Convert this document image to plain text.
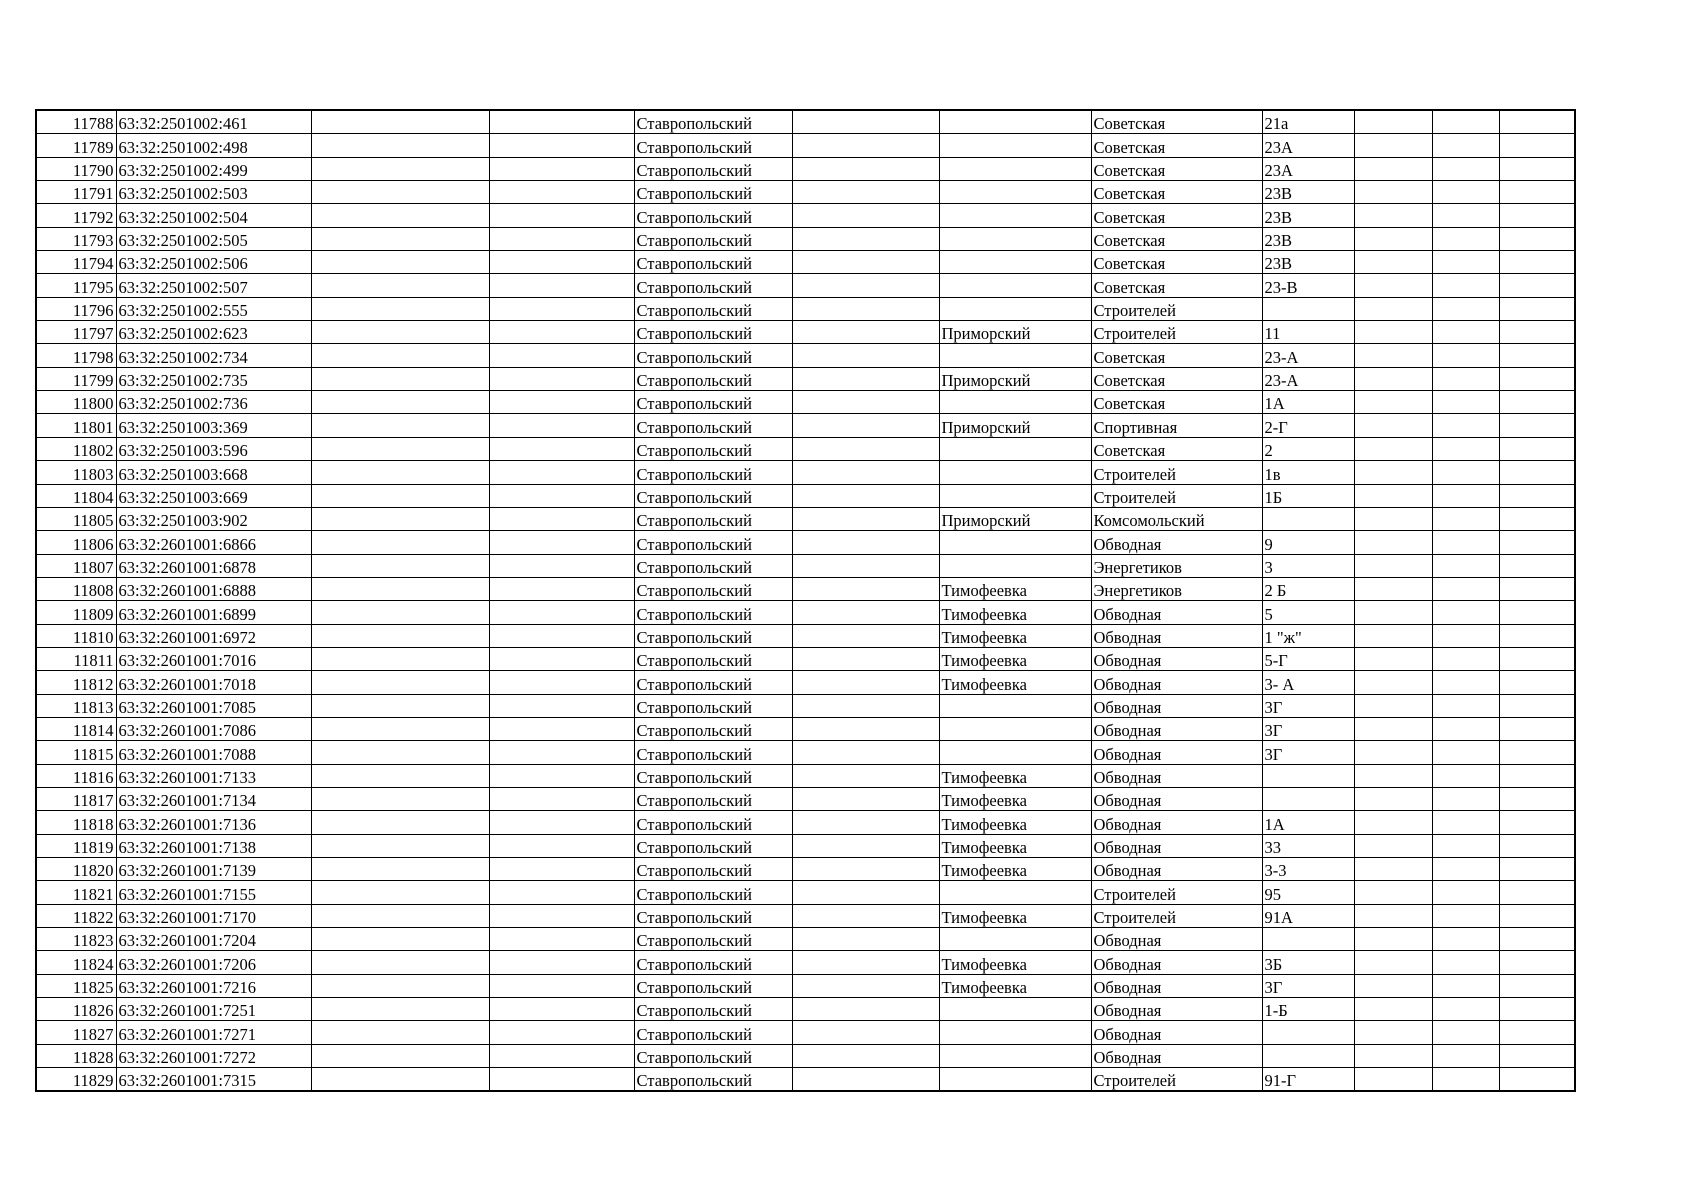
11788	63:32:2501002:461			Ставропольский			Советская	21а			
11789	63:32:2501002:498			Ставропольский			Советская	23А			
11790	63:32:2501002:499			Ставропольский			Советская	23А			
11791	63:32:2501002:503			Ставропольский			Советская	23В			
11792	63:32:2501002:504			Ставропольский			Советская	23В			
11793	63:32:2501002:505			Ставропольский			Советская	23В			
11794	63:32:2501002:506			Ставропольский			Советская	23В			
11795	63:32:2501002:507			Ставропольский			Советская	23-В			
11796	63:32:2501002:555			Ставропольский			Строителей				
11797	63:32:2501002:623			Ставропольский		Приморский	Строителей	11			
11798	63:32:2501002:734			Ставропольский			Советская	23-А			
11799	63:32:2501002:735			Ставропольский		Приморский	Советская	23-А			
11800	63:32:2501002:736			Ставропольский			Советская	1А			
11801	63:32:2501003:369			Ставропольский		Приморский	Спортивная	2-Г			
11802	63:32:2501003:596			Ставропольский			Советская	2			
11803	63:32:2501003:668			Ставропольский			Строителей	1в			
11804	63:32:2501003:669			Ставропольский			Строителей	1Б			
11805	63:32:2501003:902			Ставропольский		Приморский	Комсомольский				
11806	63:32:2601001:6866			Ставропольский			Обводная	9			
11807	63:32:2601001:6878			Ставропольский			Энергетиков	3			
11808	63:32:2601001:6888			Ставропольский		Тимофеевка	Энергетиков	2 Б			
11809	63:32:2601001:6899			Ставропольский		Тимофеевка	Обводная	5			
11810	63:32:2601001:6972			Ставропольский		Тимофеевка	Обводная	1 "ж"			
11811	63:32:2601001:7016			Ставропольский		Тимофеевка	Обводная	5-Г			
11812	63:32:2601001:7018			Ставропольский		Тимофеевка	Обводная	3- А			
11813	63:32:2601001:7085			Ставропольский			Обводная	3Г			
11814	63:32:2601001:7086			Ставропольский			Обводная	3Г			
11815	63:32:2601001:7088			Ставропольский			Обводная	3Г			
11816	63:32:2601001:7133			Ставропольский		Тимофеевка	Обводная				
11817	63:32:2601001:7134			Ставропольский		Тимофеевка	Обводная				
11818	63:32:2601001:7136			Ставропольский		Тимофеевка	Обводная	1А			
11819	63:32:2601001:7138			Ставропольский		Тимофеевка	Обводная	33			
11820	63:32:2601001:7139			Ставропольский		Тимофеевка	Обводная	3-3			
11821	63:32:2601001:7155			Ставропольский			Строителей	95			
11822	63:32:2601001:7170			Ставропольский		Тимофеевка	Строителей	91А			
11823	63:32:2601001:7204			Ставропольский			Обводная				
11824	63:32:2601001:7206			Ставропольский		Тимофеевка	Обводная	3Б			
11825	63:32:2601001:7216			Ставропольский		Тимофеевка	Обводная	3Г			
11826	63:32:2601001:7251			Ставропольский			Обводная	1-Б			
11827	63:32:2601001:7271			Ставропольский			Обводная				
11828	63:32:2601001:7272			Ставропольский			Обводная				
11829	63:32:2601001:7315			Ставропольский			Строителей	91-Г			
